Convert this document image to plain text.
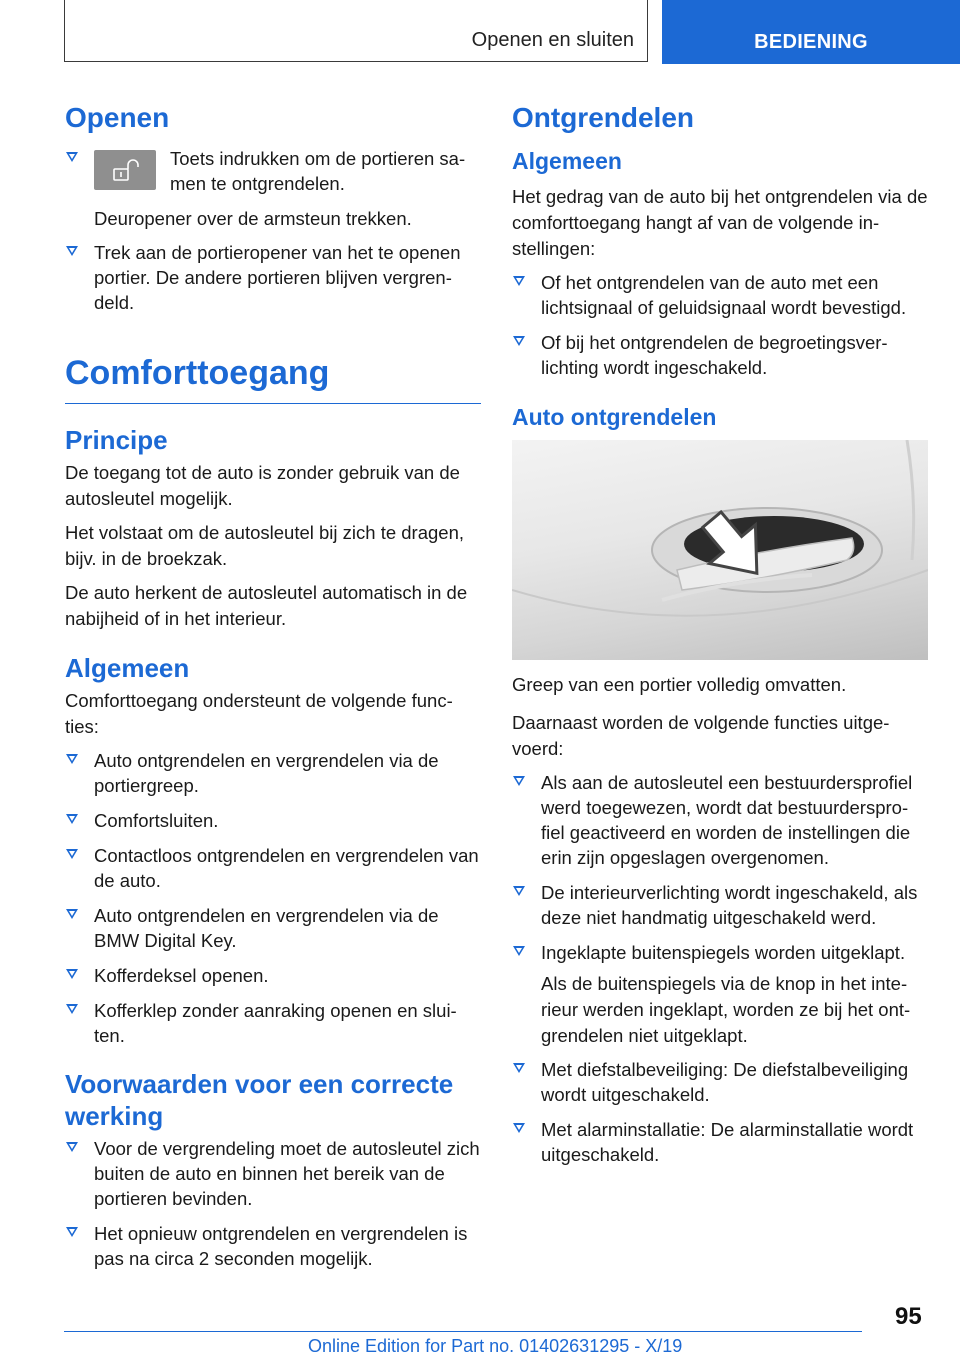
Openen en sluiten	BEDIENING
Openen
Toets indrukken om de portieren sa-men te ontgrendelen.
Deuropener over de armsteun trekken.
Trek aan de portieropener van het te openen portier. De andere portieren blijven vergren-deld.
Comforttoegang
Principe

De toegang tot de auto is zonder gebruik van de autosleutel mogelijk.

Het volstaat om de autosleutel bij zich te dragen, bijv. in de broekzak.

De auto herkent de autosleutel automatisch in de nabijheid of in het interieur.

Algemeen

Comforttoegang ondersteunt de volgende func-ties:

Auto ontgrendelen en vergrendelen via de portiergreep.
Comfortsluiten.
Contactloos ontgrendelen en vergrendelen van de auto.
Auto ontgrendelen en vergrendelen via de BMW Digital Key.
Kofferdeksel openen.
Kofferklep zonder aanraking openen en slui-ten.
Voorwaarden voor een correcte werking
Voor de vergrendeling moet de autosleutel zich buiten de auto en binnen het bereik van de portieren bevinden.
Het opnieuw ontgrendelen en vergrendelen is pas na circa 2 seconden mogelijk.
Ontgrendelen
Algemeen

Het gedrag van de auto bij het ontgrendelen via de comforttoegang hangt af van de volgende in-stellingen:

Of het ontgrendelen van de auto met een lichtsignaal of geluidsignaal wordt bevestigd.
Of bij het ontgrendelen de begroetingsver-lichting wordt ingeschakeld.
Auto ontgrendelen

Greep van een portier volledig omvatten.

Daarnaast worden de volgende functies uitge-voerd:

Als aan de autosleutel een bestuurdersprofiel werd toegewezen, wordt dat bestuurderspro-fiel geactiveerd en worden de instellingen die erin zijn opgeslagen overgenomen.
De interieurverlichting wordt ingeschakeld, als deze niet handmatig uitgeschakeld werd.
Ingeklapte buitenspiegels worden uitgeklapt.
Als de buitenspiegels via de knop in het inte-rieur werden ingeklapt, worden ze bij het ont-grendelen niet uitgeklapt.
Met diefstalbeveiliging: De diefstalbeveiliging wordt uitgeschakeld.
Met alarminstallatie: De alarminstallatie wordt uitgeschakeld.
95
Online Edition for Part no. 01402631295 - X/19
